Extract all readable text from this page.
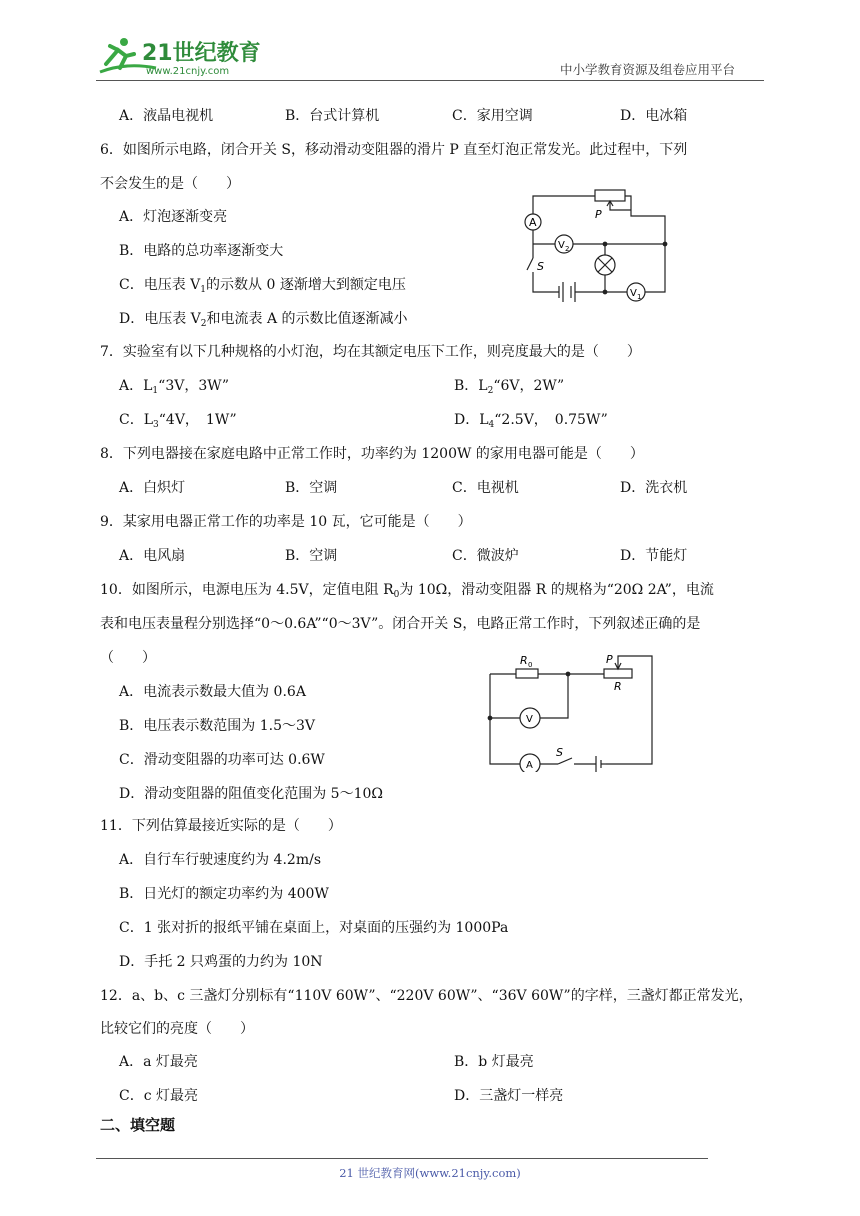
21世纪教育
www.21cnjy.com	中小学教育资源及组卷应用平台
A．液晶电视机	B．台式计算机	C．家用空调	D．电冰箱
6．如图所示电路，闭合开关 S，移动滑动变阻器的滑片 P 直至灯泡正常发光。此过程中，下列
不会发生的是（　　）
A．灯泡逐渐变亮
B．电路的总功率逐渐变大
C．电压表 $V_1$的示数从 0 逐渐增大到额定电压
D．电压表 $V_2$和电流表 A 的示数比值逐渐减小
A
P
V 2
S
V 1
7．实验室有以下几种规格的小灯泡，均在其额定电压下工作，则亮度最大的是（　　）
A．$L_1“3V$，3W”	B．$L_2“6V$，2W”
C．$L_3“4V$，　1W”	D．$L_4“2.5V$，　0.75W”
8．下列电器接在家庭电路中正常工作时，功率约为 1200W 的家用电器可能是（　　）
A．白炽灯	B．空调	C．电视机	D．洗衣机
9．某家用电器正常工作的功率是 10 瓦，它可能是（　　）
A．电风扇	B．空调	C．微波炉	D．节能灯
10．如图所示，电源电压为 4.5V，定值电阻 $R_0$为 10Ω，滑动变阻器 R 的规格为“20Ω 2A”，电流
表和电压表量程分别选择“0～0.6A”“0～3V”。闭合开关 S，电路正常工作时，下列叙述正确的是
（　　）
A．电流表示数最大值为 0.6A
B．电压表示数范围为 1.5～3V
C．滑动变阻器的功率可达 0.6W
D．滑动变阻器的阻值变化范围为 5～10Ω
R 0	P
R
V
S
A
11．下列估算最接近实际的是（　　）
A．自行车行驶速度约为 4.2m/s
B．日光灯的额定功率约为 400W
C．1 张对折的报纸平铺在桌面上，对桌面的压强约为 1000Pa
D．手托 2 只鸡蛋的力约为 10N
12．a、b、c 三盏灯分别标有“110V 60W”、“220V 60W”、“36V 60W”的字样，三盏灯都正常发光，
比较它们的亮度（　　）
A．a 灯最亮	B．b 灯最亮
C．c 灯最亮	D．三盏灯一样亮
二、填空题
21 世纪教育网(www.21cnjy.com)
